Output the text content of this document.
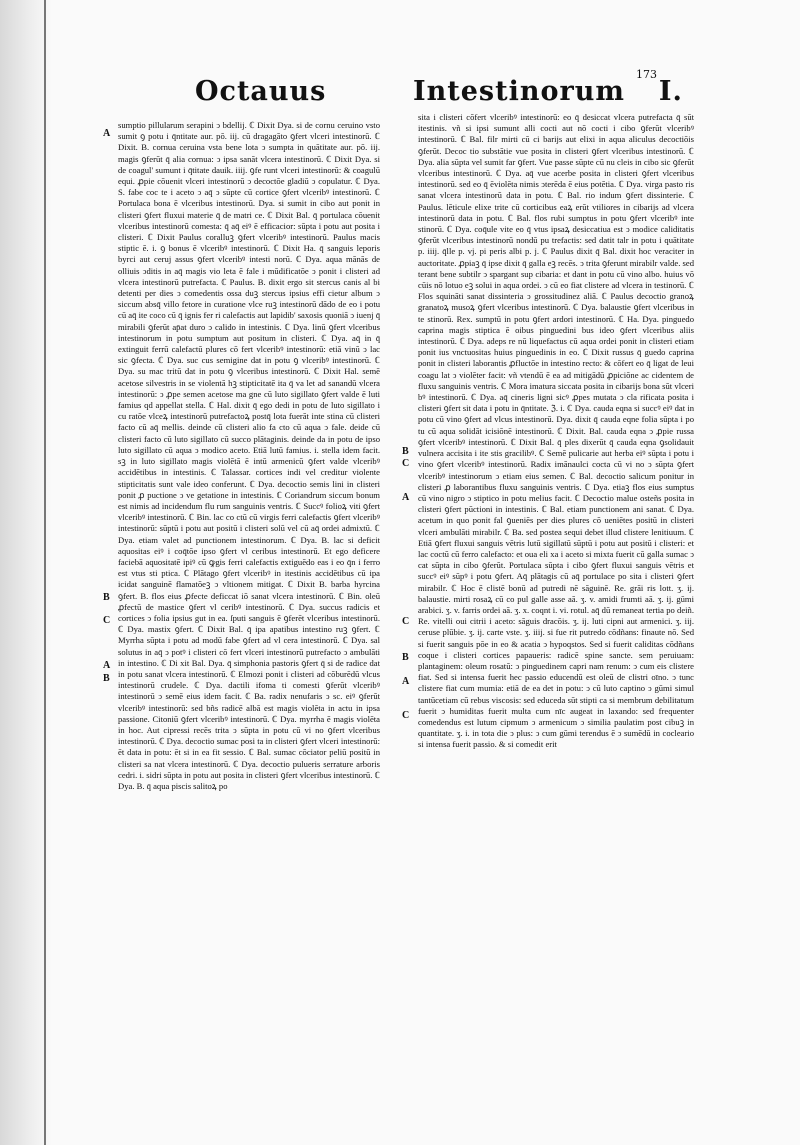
Octauus	Intestinorum I.
173
A
B
C
A
B
B
C
A
C
B
A
C

sumptio pillularum serapini ↄ bdellij. ℂ Dixit Dya. si de cornu ceruino vsto sumit ꝯ potu i q̄ntitate aur. pō. iij. cū dragagāto ꝯfert vlceri intestinorū. ℂ Dixit. B. cornua ceruina vsta bene lota ↄ sumpta in quātitate aur. pō. iij. magis ꝯferūt q̄ alia cornua: ↄ ipsa sanāt vlcera intestinorū. ℂ Dixit Dya. si de coagul' sumunt i q̄titate dauik. iiij. ꝯfe runt vlceri intestinorū: & coagulū equi. ꝓpie cōuenit vlceri intestinorū ↄ decoctōe gladiū ↄ copulatur. ℂ Dya. S. fabe coc te i aceto ↄ aq̄ ↄ sūpte cū cortice ꝯfert vlceribꝰ intestinorū. ℂ Portulaca bona ē vlceribus intestinorū. Dya. si sumit in cibo aut ponit in clisteri ꝯfert fluxui materie q̄ de matri ce. ℂ Dixit Bal. q̄ portulaca cōuenit vlceribus intestinorū comesta: q̄ aq̄ eiꝰ ē efficacior: sūpta i potu aut posita i clisteri. ℂ Dixit Paulus coralluꝫ ꝯfert vlceribꝰ intestinorū. Paulus macis stiptic ē. i. ꝯ bonus ē vlceribꝰ intestinorū. ℂ Dixit Ha. q̄ sanguis leporis byrci aut ceruj assus ꝯfert vlceribꝰ intesti norū. ℂ Dya. aqua mānās de olliuis ↄditis in aq̄ magis vio leta ē fale i mūdificatōe ↄ ponit i clisteri ad vlcera intestinorū putrefacta. ℂ Paulus. B. dixit ergo sit stercus canis al bi detenti per dies ↄ comedentis ossa duꝫ stercus ipsius effi cietur album ↄ siccum absq̄ villo fetore in curatione vlce ruꝫ intestinorū dādo de eo i potu cū aq̄ ite coco cū q̄ ignis fer ri calefactis aut lapidib' saxosis quoniā ↄ iuenj q̄ mirabili ꝯferūt ap̄at duro ↄ calido in intestinis. ℂ Dya. linū ꝯfert vlceribus intestinorum in potu sumptum aut positum in clisteri. ℂ Dya. aq̄ in q̄ extinguit ferrū calefactū plures cō fert vlceribꝰ intestinorū: etiā vinū ↄ lac sic ꝯfecta. ℂ Dya. suc cus semigine dat in potu ꝯ vlceribꝰ intestinorū. ℂ Dya. su mac tritū dat in potu ꝯ vlceribus intestinorū. ℂ Dixit Hal. semē acetose silvestris in se violentā hꝫ stipticitatē ita q̄ va let ad sanandū vlcera intestinorū: ↄ ꝓpe semen acetose ma gne cū luto sigillato ꝯfert valde ē luti famius qd appellat stella. ℂ Hal. dixit q̄ ego dedi in potu de luto sigillato i cu ratōe vlceꝝ intestinorū putrefactoꝝ postq̄ lota fuerāt inte stina cū clisteri facto cū aq̄ mellis. deinde cū clisteri alio fa cto cū aqua ↄ fale. deide cū clisteri facto cū luto sigillato cū succo plātaginis. deinde da in potu de ipso luto sigillato cū aqua ↄ modico aceto. Etiā lutū famius. i. stella idem facit. sꝫ in luto sigillato magis violētā ē intū armenicū ꝯfert valde vlceribꝰ accidētibus in intestinis. ℂ Talassar. cortices indi vel creditur violente stipticitatis sunt vale ideo conferunt. ℂ Dya. decoctio semis lini in clisteri ponit ꝓ puctione ↄ ve getatione in intestinis. ℂ Coriandrum siccum bonum est nimis ad incidendum flu rum sanguinis ventris. ℂ Succꝰ folioꝝ viti ꝯfert vlceribꝰ intestinorū. ℂ Bin. lac co ctū cū virgis ferri calefactis ꝯfert vlceribꝰ intestinorū: sūptū i potu aut positū i clisteri solū vel cū aq̄ ordei admixtū. ℂ Dya. etiam valet ad punctionem intestinorum. ℂ Dya. B. lac si deficit aquositas eiꝰ i coq̄tōe ipso ꝯfert vl ceribus intestinorū. Et ego deficere faciebā aquositatē ipiꝰ cū ꝙgis ferri calefactis extiguēdo eas i eo q̄n i ferro est vtus sti ptica. ℂ Plātago ꝯfert vlceribꝰ in itestinis accidētibus cū ipa icidat sanguinē flamatōeꝫ ↄ vltionem mitigat. ℂ Dixit B. barba hyrcina ꝯfert. B. flos eius ꝓfecte deficcat iō sanat vlcera intestinorū. ℂ Bin. oleū ꝓfectū de mastice ꝯfert vl ceribꝰ intestinorū. ℂ Dya. succus radicis et cortices ↄ folia ipsius gut in ea. ſputi sanguis ē ꝯferēt vlceribus intestinorū. ℂ Dya. mastix ꝯfert. ℂ Dixit Bal. q̄ ipa apatibus intestino ruꝫ ꝯfert. ℂ Myrrha sūpta i potu ad modū fabe ꝯfert ad vl cera intestinorū. ℂ Dya. sal solutus in aq̄ ↄ potꝰ i clisteri cō fert vlceri intestinorū putrefacto ↄ ambulāti in intestino. ℂ Di xit Bal. Dya. q̄ simphonia pastoris ꝯfert q̄ si de radice dat in potu sanat vlcera intestinorū. ℂ Elmozi ponit i clisteri ad cōburēdū vlcus intestinorū crudele. ℂ Dya. dactili ifoma ti comesti ꝯferūt vlceribꝰ intestinorū ↄ semē eius idem facit. ℂ Ba. radix nenufaris ↄ sc. eiꝰ ꝯferūt vlceribꝰ intestinorū: sed bñs radicē albā est magis violēta in actu in ipsa passione. Citoniū ꝯfert vlceribꝰ intestinorū. ℂ Dya. myrrha ē magis violēta in hoc. Aut cipressi recēs trita ↄ sūpta in potu cū vi no ꝯfert vlceribus intestinorū. ℂ Dya. decoctio sumac posi ta in clisteri ꝯfert vlceri intestinorū: ēt data in potu: ēt si in ea fit sessio. ℂ Bal. sumac cōciator peliū positū in clisteri sa nat vlcera intestinorū. ℂ Dya. decoctio pulueris serrature arboris cedri. i. sidri sūpta in potu aut posita in clisteri ꝯfert vlceribus intestinorū. ℂ Dya. B. q̄ aqua piscis salitoꝝ po

sita i clisteri cōfert vlceribꝰ intestinorū: eo q̄ desiccat vlcera putrefacta q̄ sūt itestinis. vñ si ipsi sumunt alli cocti aut nō cocti i cibo ꝯferūt vlceribꝰ intestinorū. ℂ Bal. filr mirti cū ci barijs aut elixi in aqua aliculus decoctiōis ꝯferūt. Decoc tio substātie vue posita in clisteri ꝯfert vlceribus intestinorū. ℂ Dya. alia sūpta vel sumit far ꝯfert. Vue passe sūpte cū nu cleis in cibo sic ꝯferūt vlceribus intestinorū. ℂ Dya. aq̄ vue acerbe posita in clisteri ꝯfert vlceribus intestinorū. sed eo q̄ ēviolēta nimis ↄterēda ē eius potētia. ℂ Dya. virga pasto ris sanat vlcera intestinorū data in potu. ℂ Bal. rio indum ꝯfert dissinterie. ℂ Paulus. lēticule elixe trite cū corticibus eaꝝ erūt vtiliores in cibarijs ad vlcera intestinorū data in potu. ℂ Bal. flos rubi sumptus in potu ꝯfert vlceribꝰ inte stinorū. ℂ Dya. coq̄ule vite eo q̄ vtus ipsaꝝ desiccatiua est ↄ modice caliditatis ꝯferūt vlceribus intestinorū nondū pu trefactis: sed datit talr in potu i quātitate p. iiij. q̄lle p. vj. pi peris albi p. j. ℂ Paulus dixit q̄ Bal. dixit hoc veraciter in auctoritate. ꝓpiaꝫ q̄ ipse dixit q̄ galla eꝫ recēs. ↄ trita ꝯferunt mirabilr valde. sed terant bene subtilr ↄ spargant sup cibaria: et dant in potu cū vino albo. huius vō cūis nō lotuo eꝫ solui in aqua ordei. ↄ cū eo fiat clistere ad vlcera in testinorū. ℂ Flos squināti sanat dissinteria ↄ grossitudinez aliā. ℂ Paulus decoctio granoꝝ granatoꝝ musoꝝ ꝯfert vlceribus intestinorū. ℂ Dya. balaustie ꝯfert vlceribus in te stinorū. Rex. sumptū in potu ꝯfert ardori intestinorū. ℂ Ha. Dya. pinguedo caprina magis stiptica ē oibus pinguedini bus ideo ꝯfert vlceribus aliis intestinorū. ℂ Dya. adeps re nū liquefactus cū aqua ordei ponit in clisteri etiam ponit ius vnctuositas huius pinguedinis in eo. ℂ Dixit russus q̄ guedo caprina ponit in clisteri laborantis ꝓfluctōe in intestino recto: & cōfert eo q̄ ligat de leui coagu lat ↄ violēter facit: vñ vtendū ē ea ad mitigādū ꝓpiciōne ac cidentem de fluxu sanguinis ventris. ℂ Mora imatura siccata posita in cibarijs bona sūt vlceri bꝰ intestinorū. ℂ Dya. aq̄ cineris ligni sicꝰ ꝓpes mutata ↄ cla rificata posita i clisteri ꝯfert sit data i potu in q̄ntitate. ℨ. i. ℂ Dya. cauda eqna si succꝰ eiꝰ dat in potu cū vino ꝯfert ad vlcus intestinorū. Dya. dixit q̄ cauda eqne folia sūpta i po tu cū aqua solidāt icisiōnē intestinorū. ℂ Dixit. Bal. cauda eqna ↄ ꝓpie russa ꝯfert vlceribꝰ intestinorū. ℂ Dixit Bal. q̄ ples dixerūt q̄ cauda eqna ꝯsolidauit vulnera accisita i ite stis gracilibꝰ. ℂ Semē pulicarie aut herba eiꝰ sūpta i potu i vino ꝯfert vlceribꝰ intestinorū. Radix imānaulci cocta cū vi no ↄ sūpta ꝯfert vlceribꝰ intestinorum ↄ etiam eius semen. ℂ Bal. decoctio salicum ponitur in clisteri ꝓ laborantibus fluxu sanguinis ventris. ℂ Dya. etiaꝫ flos eius sumptus cū vino nigro ↄ stiptico in potu melius facit. ℂ Decoctio malue osteñs posita in clisteri ꝯfert pūctioni in intestinis. ℂ Bal. etiam punctionem ani sanat. ℂ Dya. acetum in quo ponit fal ꝯueniēs per dies plures cō ueniētes positū in clisteri vlceri ambulāti mirabilr. ℂ Ba. sed postea sequi debet illud clistere lenitiuum. ℂ Etiā ꝯfert fluxui sanguis vētris lutū sigillatū sūptū i potu aut positū i clisteri: et lac coctū cū ferro calefacto: et oua eli xa i aceto si mixta fuerit cū galla sumac ↄ cat sūpta in cibo ꝯferūt. Portulaca sūpta i cibo ꝯfert fluxui sanguis vētris et succꝰ eiꝰ sūpꝰ i potu ꝯfert. Aq̄ plātagis cū aq̄ portulace po sita i clisteri ꝯfert mirabilr. ℂ Hoc ē clistē bonū ad putredi nē sāguinē. Re. grāi ris lott. ʒ. ij. balaustie. mirti rosaꝝ cū co pul galle asse aā. ʒ. v. amidi frumti aā. ʒ. ij. gūmi arabici. ʒ. v. farris ordei aā. ʒ. x. coqnt i. vi. rotul. aq̄ dū remaneat tertia po deiñ. Re. vitelli oui citrii i aceto: sāguis dracōis. ʒ. ij. luti cipni aut armenici. ʒ. iij. ceruse plūbie. ʒ. ij. carte vste. ʒ. iiij. si fue rit putredo cōdñans: finaute nō. Sed si fuerit sanguis pōe in eo & acatia ↄ hypoqstos. Sed si fuerit caliditas cōdñans coque i clisteri cortices papaueris: radicē spine sancte. sem peruiuam: plantaginem: oleum rosatū: ↄ pinguedinem capri nam renum: ↄ cum eis clistere fiat. Sed si intensa fuerit hec passio educendū est oleū de clistri oīno. ↄ tunc clistere fiat cum mumia: etiā de ea det in potu: ↄ cū luto captino ↄ gūmi simul tantūcetiam cū rebus viscosis: sed educeda sūt stipti ca si membrum debilitatum fuerit ↄ humiditas fuerit multa cum nīc augeat in laxando: sed frequenter comedendus est lutum cipmum ↄ armenicum ↄ similia paulatim post cibuꝫ in quantitate. ʒ. i. in tota die ↄ plus: ↄ cum gūmi terendus ē ↄ sumēdū in cocleario si intensa fuerit passio. & si comedit erit
